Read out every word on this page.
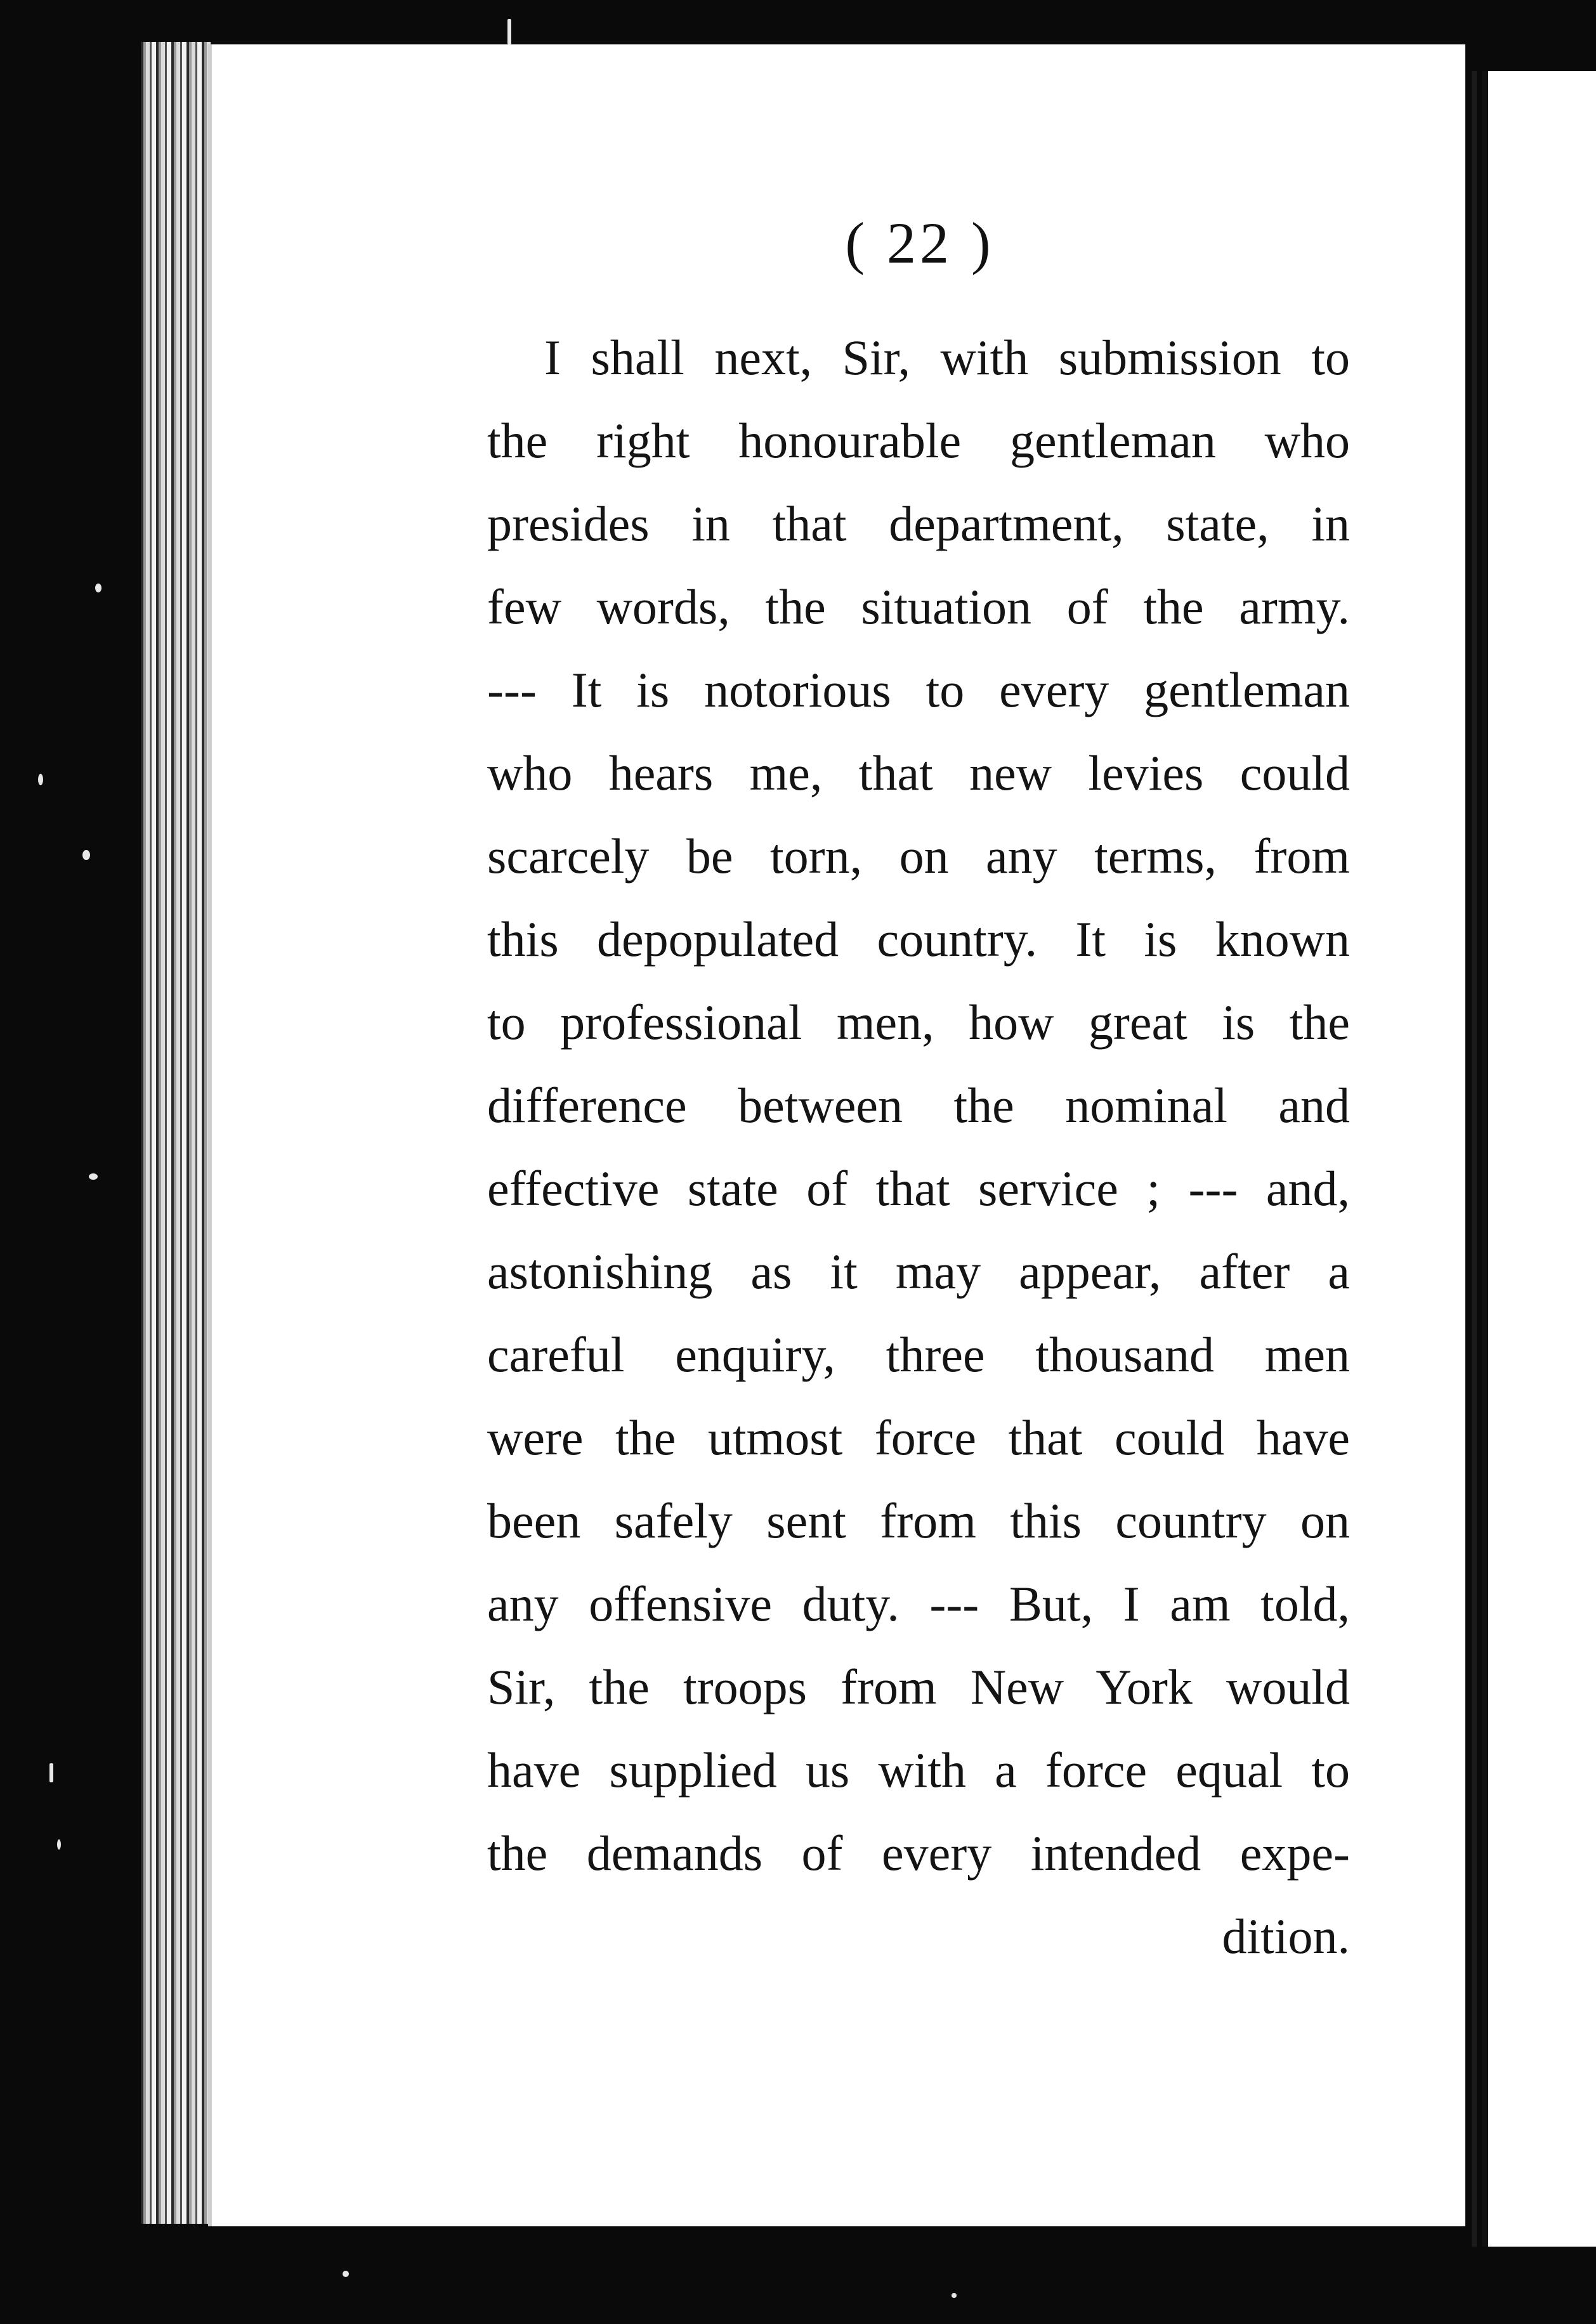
( 22 )
I shall next, Sir, with submission to
the right honourable gentleman who
presides in that department, state, in
few words, the situation of the army.
--- It is notorious to every gentleman
who hears me, that new levies could
scarcely be torn, on any terms, from
this depopulated country. It is known
to professional men, how great is the
difference between the nominal and
effective state of that service ; --- and,
astonishing as it may appear, after a
careful enquiry, three thousand men
were the utmost force that could have
been safely sent from this country on
any offensive duty. --- But, I am told,
Sir, the troops from New York would
have supplied us with a force equal to
the demands of every intended expe-
dition.
